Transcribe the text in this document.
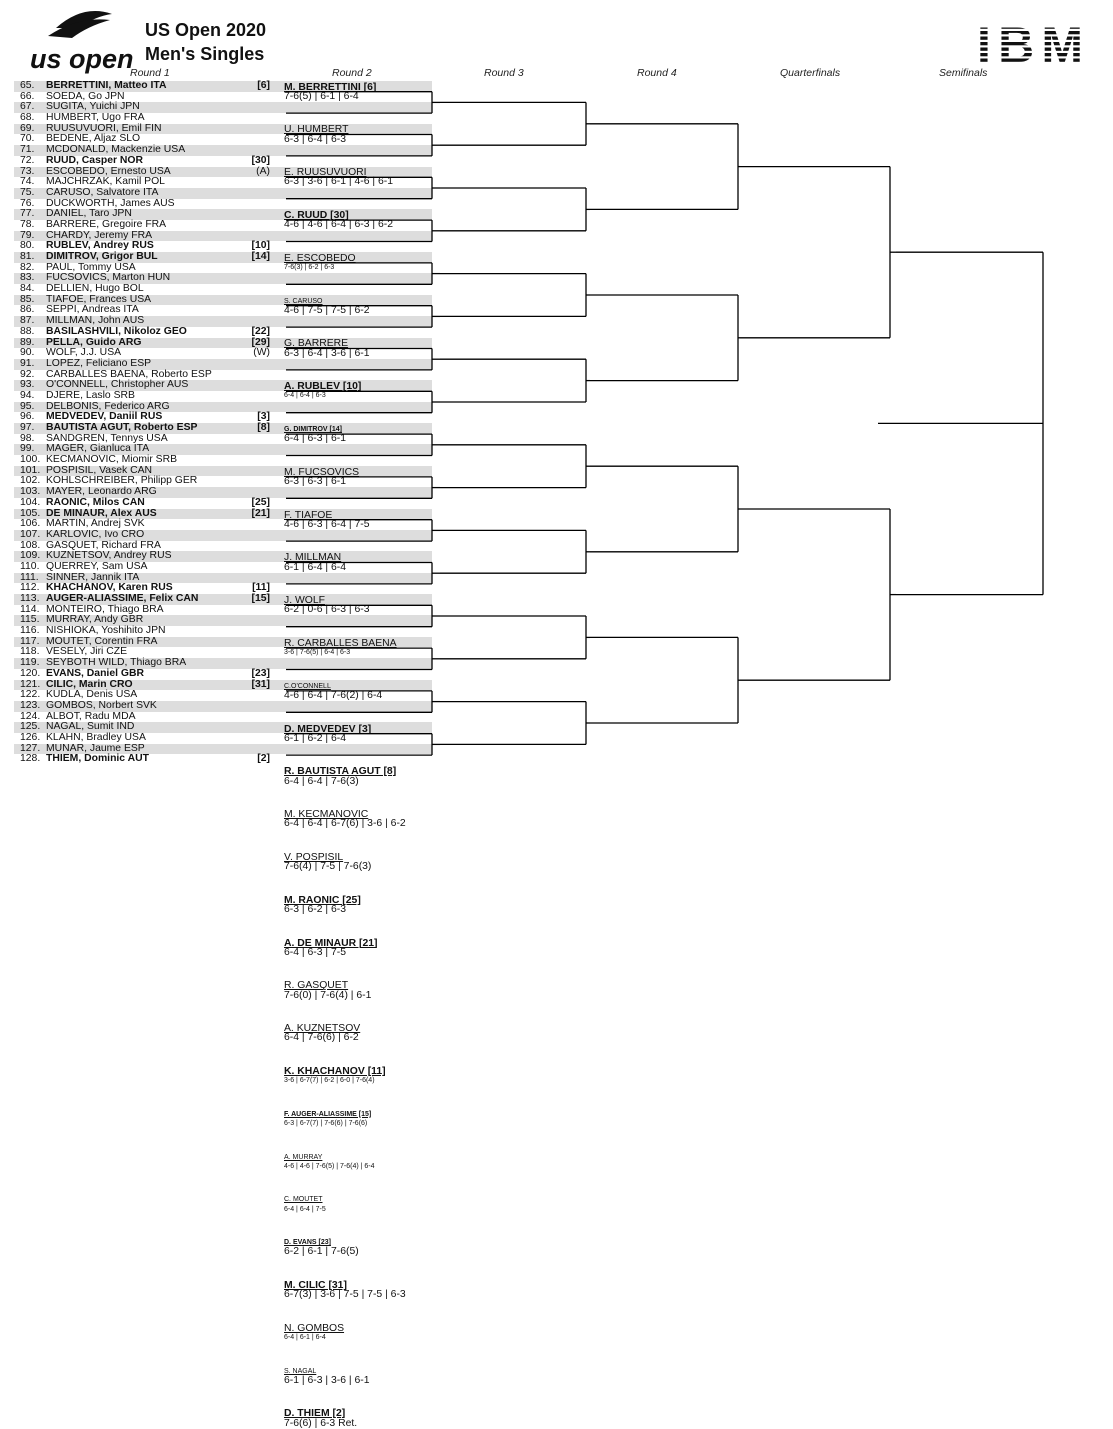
us open
US Open 2020
Men's Singles	IBM
Round 1	Round 2	Round 3	Round 4	Quarterfinals	Semifinals
65. BERRETTINI, Matteo ITA	[6]
66. SOEDA, Go JPN
67. SUGITA, Yuichi JPN
68. HUMBERT, Ugo FRA
69. RUUSUVUORI, Emil FIN
70. BEDENE, Aljaz SLO
71. MCDONALD, Mackenzie USA
72. RUUD, Casper NOR	[30]
73. ESCOBEDO, Ernesto USA	(A)
74. MAJCHRZAK, Kamil POL
75. CARUSO, Salvatore ITA
76. DUCKWORTH, James AUS
77. DANIEL, Taro JPN
78. BARRERE, Gregoire FRA
79. CHARDY, Jeremy FRA
80. RUBLEV, Andrey RUS	[10]
81. DIMITROV, Grigor BUL	[14]
82. PAUL, Tommy USA
83. FUCSOVICS, Marton HUN
84. DELLIEN, Hugo BOL
85. TIAFOE, Frances USA
86. SEPPI, Andreas ITA
87. MILLMAN, John AUS
88. BASILASHVILI, Nikoloz GEO	[22]
89. PELLA, Guido ARG	[29]
90. WOLF, J.J. USA	(W)
91. LOPEZ, Feliciano ESP
92. CARBALLES BAENA, Roberto ESP
93. O'CONNELL, Christopher AUS
94. DJERE, Laslo SRB
95. DELBONIS, Federico ARG
96. MEDVEDEV, Daniil RUS	[3]
97. BAUTISTA AGUT, Roberto ESP	[8]
98. SANDGREN, Tennys USA
99. MAGER, Gianluca ITA
100. KECMANOVIC, Miomir SRB
101. POSPISIL, Vasek CAN
102. KOHLSCHREIBER, Philipp GER
103. MAYER, Leonardo ARG
104. RAONIC, Milos CAN	[25]
105. DE MINAUR, Alex AUS	[21]
106. MARTIN, Andrej SVK
107. KARLOVIC, Ivo CRO
108. GASQUET, Richard FRA
109. KUZNETSOV, Andrey RUS
110. QUERREY, Sam USA
111. SINNER, Jannik ITA
112. KHACHANOV, Karen RUS	[11]
113. AUGER-ALIASSIME, Felix CAN	[15]
114. MONTEIRO, Thiago BRA
115. MURRAY, Andy GBR
116. NISHIOKA, Yoshihito JPN
117. MOUTET, Corentin FRA
118. VESELY, Jiri CZE
119. SEYBOTH WILD, Thiago BRA
120. EVANS, Daniel GBR	[23]
121. CILIC, Marin CRO	[31]
122. KUDLA, Denis USA
123. GOMBOS, Norbert SVK
124. ALBOT, Radu MDA
125. NAGAL, Sumit IND
126. KLAHN, Bradley USA
127. MUNAR, Jaume ESP
128. THIEM, Dominic AUT	[2]
M. BERRETTINI [6]
7-6(5) | 6-1 | 6-4
U. HUMBERT
6-3 | 6-4 | 6-3
E. RUUSUVUORI
6-3 | 3-6 | 6-1 | 4-6 | 6-1
C. RUUD [30]
4-6 | 4-6 | 6-4 | 6-3 | 6-2
E. ESCOBEDO
7-6(3) | 6-2 | 6-3
S. CARUSO
4-6 | 7-5 | 7-5 | 6-2
G. BARRERE
6-3 | 6-4 | 3-6 | 6-1
A. RUBLEV [10]
6-4 | 6-4 | 6-3
G. DIMITROV [14]
6-4 | 6-3 | 6-1
M. FUCSOVICS
6-3 | 6-3 | 6-1
F. TIAFOE
4-6 | 6-3 | 6-4 | 7-5
J. MILLMAN
6-1 | 6-4 | 6-4
J. WOLF
6-2 | 0-6 | 6-3 | 6-3
R. CARBALLES BAENA
3-6 | 7-6(5) | 6-4 | 6-3
C.O'CONNELL
4-6 | 6-4 | 7-6(2) | 6-4
D. MEDVEDEV [3]
6-1 | 6-2 | 6-4
R. BAUTISTA AGUT [8]
6-4 | 6-4 | 7-6(3)
M. KECMANOVIC
6-4 | 6-4 | 6-7(6) | 3-6 | 6-2
V. POSPISIL
7-6(4) | 7-5 | 7-6(3)
M. RAONIC [25]
6-3 | 6-2 | 6-3
A. DE MINAUR [21]
6-4 | 6-3 | 7-5
R. GASQUET
7-6(0) | 7-6(4) | 6-1
A. KUZNETSOV
6-4 | 7-6(6) | 6-2
K. KHACHANOV [11]
3-6 | 6-7(7) | 6-2 | 6-0 | 7-6(4)
F. AUGER-ALIASSIME [15]
6-3 | 6-7(7) | 7-6(6) | 7-6(6)
A. MURRAY
4-6 | 4-6 | 7-6(5) | 7-6(4) | 6-4
C. MOUTET
6-4 | 6-4 | 7-5
D. EVANS [23]
6-2 | 6-1 | 7-6(5)
M. CILIC [31]
6-7(3) | 3-6 | 7-5 | 7-5 | 6-3
N. GOMBOS
6-4 | 6-1 | 6-4
S. NAGAL
6-1 | 6-3 | 3-6 | 6-1
D. THIEM [2]
7-6(6) | 6-3 Ret.
